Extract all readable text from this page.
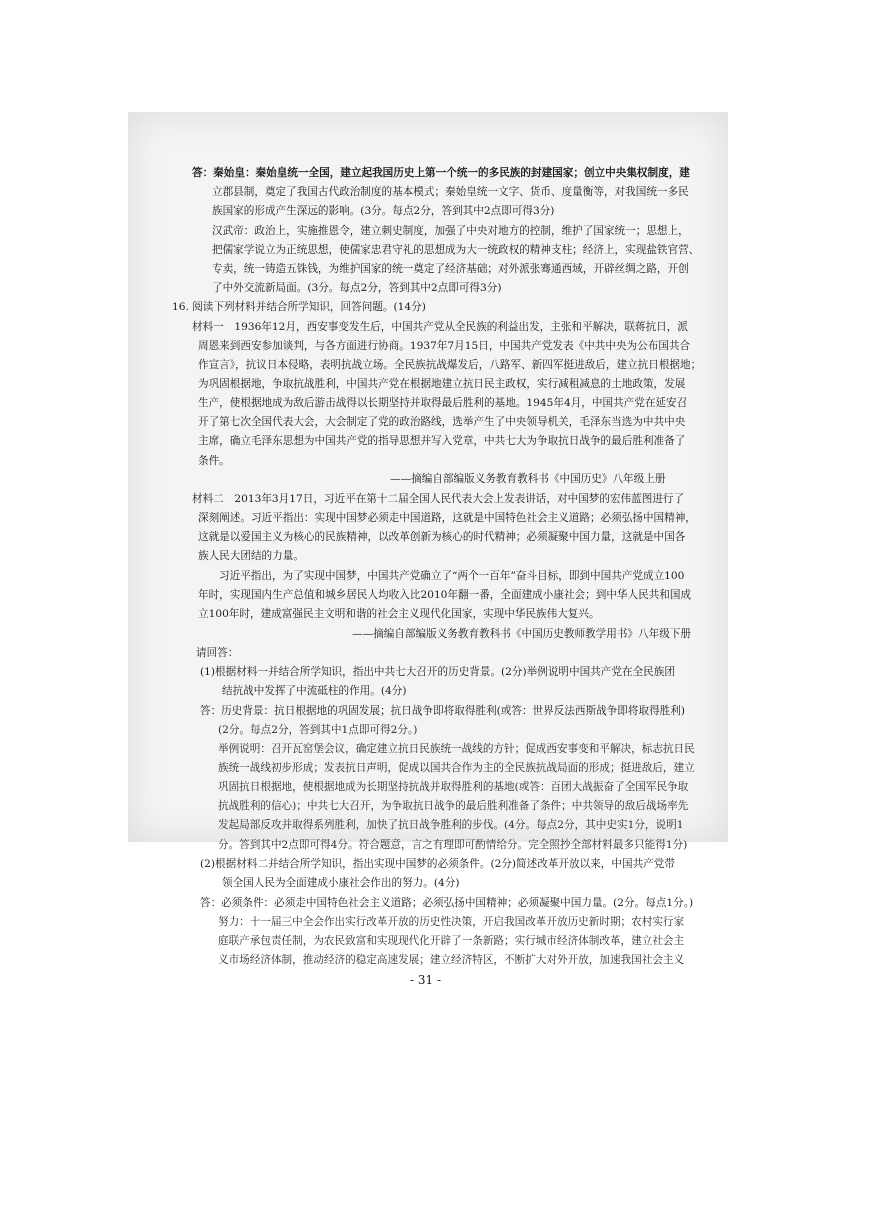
答：秦始皇：秦始皇统一全国，建立起我国历史上第一个统一的多民族的封建国家；创立中央集权制度，建

立郡县制，奠定了我国古代政治制度的基本模式；秦始皇统一文字、货币、度量衡等，对我国统一多民

族国家的形成产生深远的影响。(3分。每点2分，答到其中2点即可得3分)

汉武帝：政治上，实施推恩令，建立刺史制度，加强了中央对地方的控制，维护了国家统一；思想上，

把儒家学说立为正统思想，使儒家忠君守礼的思想成为大一统政权的精神支柱；经济上，实现盐铁官营、

专卖，统一铸造五铢钱，为维护国家的统一奠定了经济基础；对外派张骞通西域，开辟丝绸之路，开创

了中外交流新局面。(3分。每点2分，答到其中2点即可得3分)

16. 阅读下列材料并结合所学知识，回答问题。(14分)

材料一　1936年12月，西安事变发生后，中国共产党从全民族的利益出发，主张和平解决，联蒋抗日，派

周恩来到西安参加谈判，与各方面进行协商。1937年7月15日，中国共产党发表《中共中央为公布国共合

作宣言》，抗议日本侵略，表明抗战立场。全民族抗战爆发后，八路军、新四军挺进敌后，建立抗日根据地；

为巩固根据地，争取抗战胜利，中国共产党在根据地建立抗日民主政权，实行减租减息的土地政策，发展

生产，使根据地成为敌后游击战得以长期坚持并取得最后胜利的基地。1945年4月，中国共产党在延安召

开了第七次全国代表大会，大会制定了党的政治路线，选举产生了中央领导机关，毛泽东当选为中共中央

主席，确立毛泽东思想为中国共产党的指导思想并写入党章，中共七大为争取抗日战争的最后胜利准备了

条件。

——摘编自部编版义务教育教科书《中国历史》八年级上册

材料二　2013年3月17日，习近平在第十二届全国人民代表大会上发表讲话，对中国梦的宏伟蓝图进行了

深刻阐述。习近平指出：实现中国梦必须走中国道路，这就是中国特色社会主义道路；必须弘扬中国精神，

这就是以爱国主义为核心的民族精神，以改革创新为核心的时代精神；必须凝聚中国力量，这就是中国各

族人民大团结的力量。

习近平指出，为了实现中国梦，中国共产党确立了“两个一百年”奋斗目标，即到中国共产党成立100

年时，实现国内生产总值和城乡居民人均收入比2010年翻一番，全面建成小康社会；到中华人民共和国成

立100年时，建成富强民主文明和谐的社会主义现代化国家，实现中华民族伟大复兴。

——摘编自部编版义务教育教科书《中国历史教师教学用书》八年级下册

请回答：

(1)根据材料一并结合所学知识，指出中共七大召开的历史背景。(2分)举例说明中国共产党在全民族团

结抗战中发挥了中流砥柱的作用。(4分)

答：历史背景：抗日根据地的巩固发展；抗日战争即将取得胜利(或答：世界反法西斯战争即将取得胜利)

(2分。每点2分，答到其中1点即可得2分。)

举例说明：召开瓦窑堡会议，确定建立抗日民族统一战线的方针；促成西安事变和平解决，标志抗日民

族统一战线初步形成；发表抗日声明，促成以国共合作为主的全民族抗战局面的形成；挺进敌后，建立

巩固抗日根据地，使根据地成为长期坚持抗战并取得胜利的基地(或答：百团大战振奋了全国军民争取

抗战胜利的信心)；中共七大召开，为争取抗日战争的最后胜利准备了条件；中共领导的敌后战场率先

发起局部反攻并取得系列胜利，加快了抗日战争胜利的步伐。(4分。每点2分，其中史实1分，说明1

分。答到其中2点即可得4分。符合题意，言之有理即可酌情给分。完全照抄全部材料最多只能得1分)

(2)根据材料二并结合所学知识，指出实现中国梦的必须条件。(2分)简述改革开放以来，中国共产党带

领全国人民为全面建成小康社会作出的努力。(4分)

答：必须条件：必须走中国特色社会主义道路；必须弘扬中国精神；必须凝聚中国力量。(2分。每点1分。)

努力：十一届三中全会作出实行改革开放的历史性决策，开启我国改革开放历史新时期；农村实行家

庭联产承包责任制，为农民致富和实现现代化开辟了一条新路；实行城市经济体制改革，建立社会主

义市场经济体制，推动经济的稳定高速发展；建立经济特区，不断扩大对外开放，加速我国社会主义

- 31 -
